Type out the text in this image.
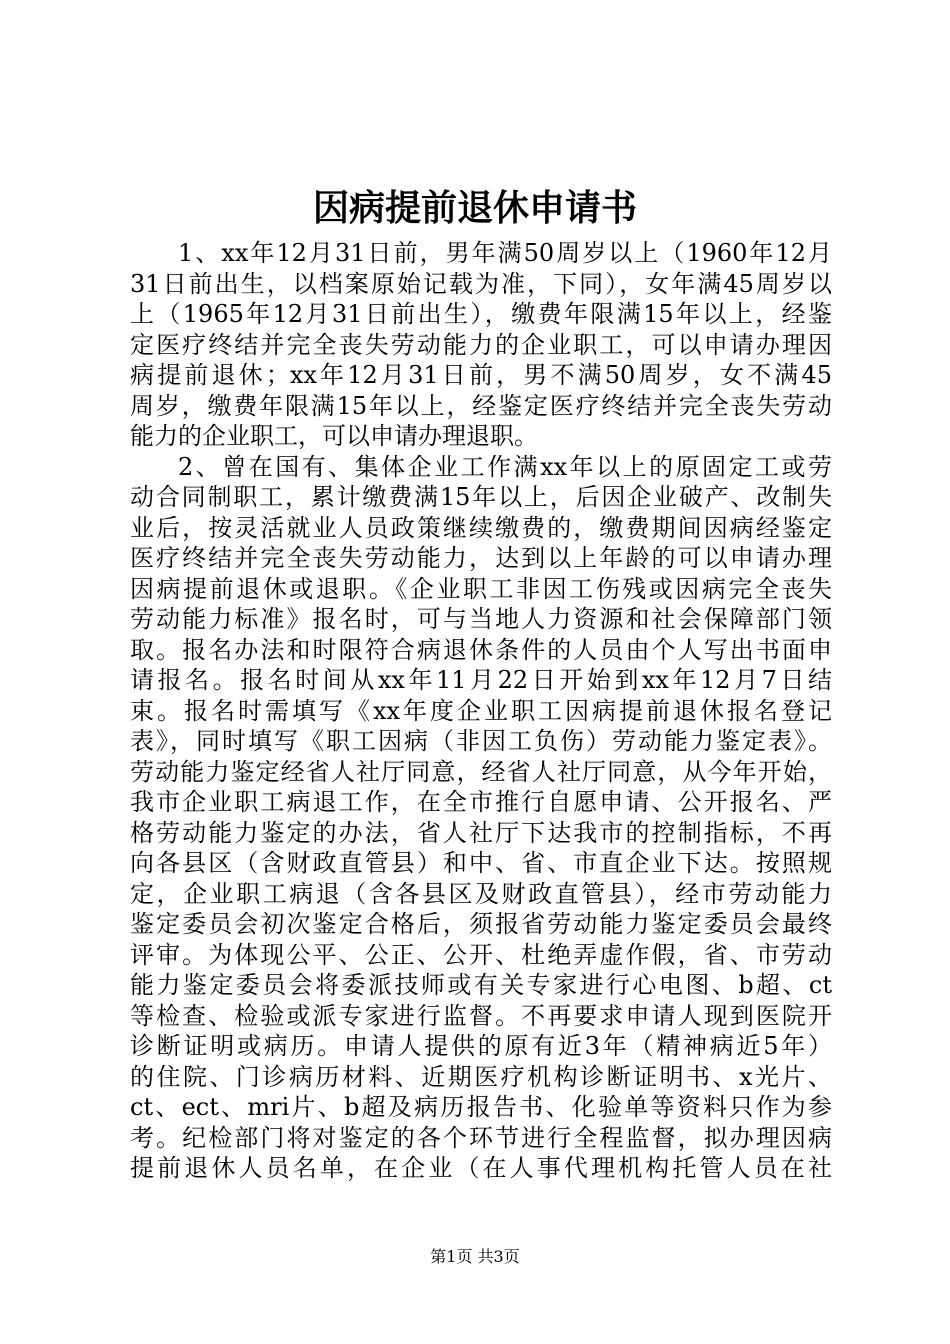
因病提前退休申请书
1、xx年12月31日前，男年满50周岁以上（1960年12月
31日前出生，以档案原始记载为准，下同），女年满45周岁以
上（1965年12月31日前出生），缴费年限满15年以上，经鉴
定医疗终结并完全丧失劳动能力的企业职工，可以申请办理因
病提前退休；xx年12月31日前，男不满50周岁，女不满45
周岁，缴费年限满15年以上，经鉴定医疗终结并完全丧失劳动
能力的企业职工，可以申请办理退职。
2、曾在国有、集体企业工作满xx年以上的原固定工或劳
动合同制职工，累计缴费满15年以上，后因企业破产、改制失
业后，按灵活就业人员政策继续缴费的，缴费期间因病经鉴定
医疗终结并完全丧失劳动能力，达到以上年龄的可以申请办理
因病提前退休或退职。《企业职工非因工伤残或因病完全丧失
劳动能力标准》报名时，可与当地人力资源和社会保障部门领
取。报名办法和时限符合病退休条件的人员由个人写出书面申
请报名。报名时间从xx年11月22日开始到xx年12月7日结
束。报名时需填写《xx年度企业职工因病提前退休报名登记
表》，同时填写《职工因病（非因工负伤）劳动能力鉴定表》。
劳动能力鉴定经省人社厅同意，经省人社厅同意，从今年开始，
我市企业职工病退工作，在全市推行自愿申请、公开报名、严
格劳动能力鉴定的办法，省人社厅下达我市的控制指标，不再
向各县区（含财政直管县）和中、省、市直企业下达。按照规
定，企业职工病退（含各县区及财政直管县），经市劳动能力
鉴定委员会初次鉴定合格后，须报省劳动能力鉴定委员会最终
评审。为体现公平、公正、公开、杜绝弄虚作假，省、市劳动
能力鉴定委员会将委派技师或有关专家进行心电图、b超、ct
等检查、检验或派专家进行监督。不再要求申请人现到医院开
诊断证明或病历。申请人提供的原有近3年（精神病近5年）
的住院、门诊病历材料、近期医疗机构诊断证明书、x光片、
ct、ect、mri片、b超及病历报告书、化验单等资料只作为参
考。纪检部门将对鉴定的各个环节进行全程监督，拟办理因病
提前退休人员名单，在企业（在人事代理机构托管人员在社
第1页 共3页
